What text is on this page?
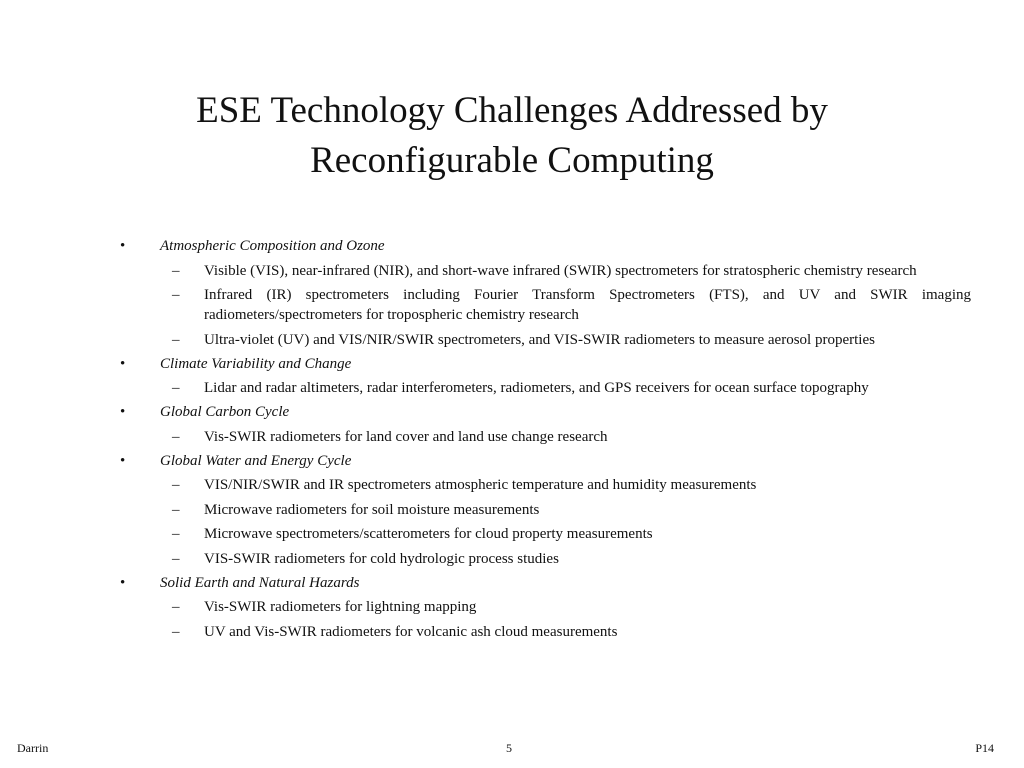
ESE Technology Challenges Addressed by
Reconfigurable Computing
• Atmospheric Composition and Ozone
– Visible (VIS), near-infrared (NIR), and short-wave infrared (SWIR) spectrometers for stratospheric chemistry research
– Infrared (IR) spectrometers including Fourier Transform Spectrometers (FTS), and UV and SWIR imaging radiometers/spectrometers for tropospheric chemistry research
– Ultra-violet (UV) and VIS/NIR/SWIR spectrometers, and VIS-SWIR radiometers to measure aerosol properties
• Climate Variability and Change
– Lidar and radar altimeters, radar interferometers, radiometers, and GPS receivers for ocean surface topography
• Global Carbon Cycle
– Vis-SWIR radiometers for land cover and land use change research
• Global Water and Energy Cycle
– VIS/NIR/SWIR and IR spectrometers atmospheric temperature and humidity measurements
– Microwave radiometers for soil moisture measurements
– Microwave spectrometers/scatterometers for cloud property measurements
– VIS-SWIR radiometers for cold hydrologic process studies
• Solid Earth and Natural Hazards
– Vis-SWIR radiometers for lightning mapping
– UV and Vis-SWIR radiometers for volcanic ash cloud measurements
Darrin	5	P14
